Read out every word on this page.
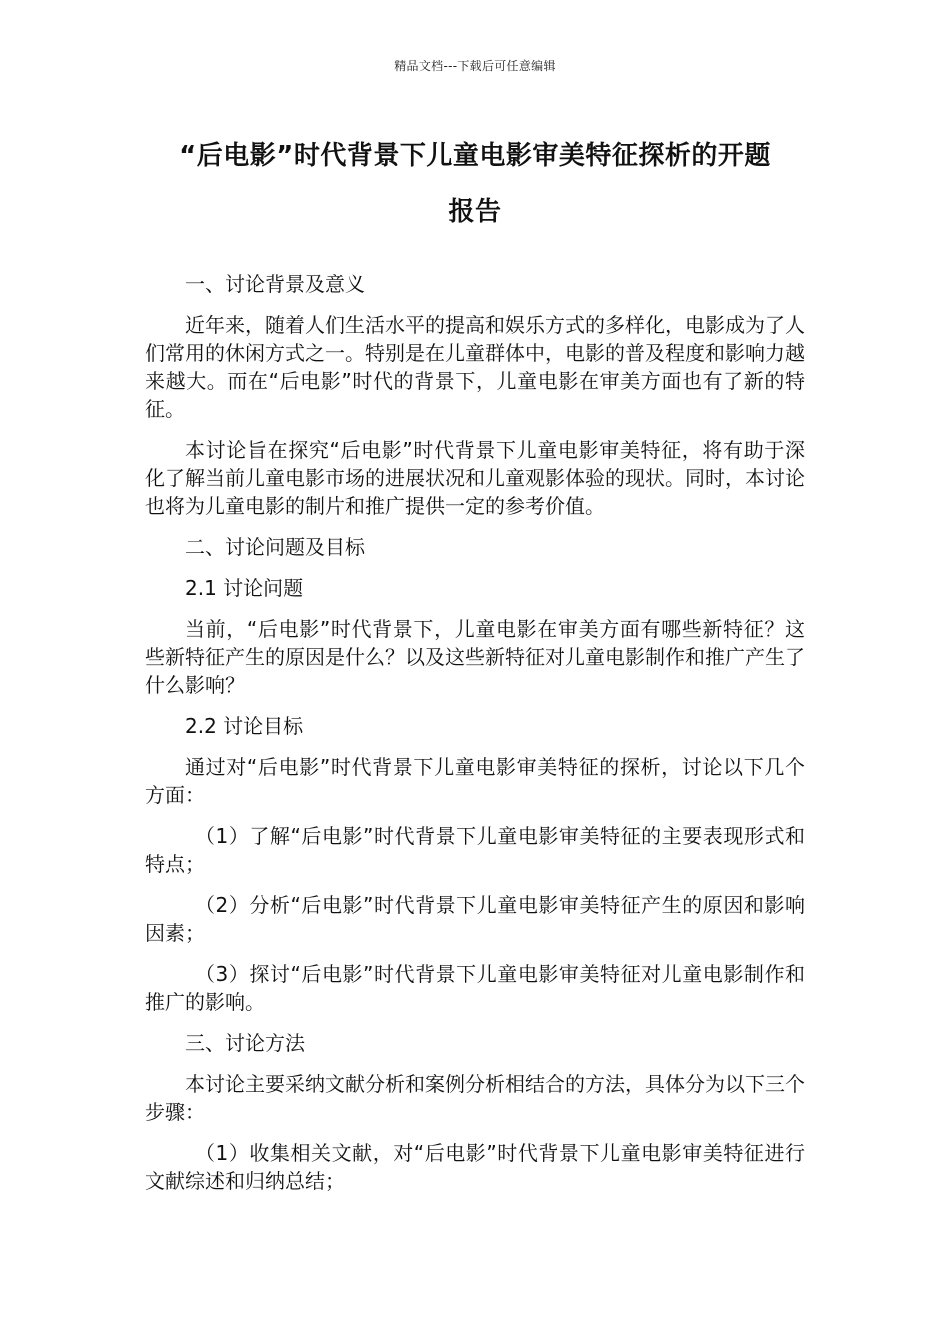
精品文档---下载后可任意编辑
“后电影”时代背景下儿童电影审美特征探析的开题
报告

一、讨论背景及意义

近年来，随着人们生活水平的提高和娱乐方式的多样化，电影成为了人们常用的休闲方式之一。特别是在儿童群体中，电影的普及程度和影响力越来越大。而在“后电影”时代的背景下，儿童电影在审美方面也有了新的特征。

本讨论旨在探究“后电影”时代背景下儿童电影审美特征，将有助于深化了解当前儿童电影市场的进展状况和儿童观影体验的现状。同时，本讨论也将为儿童电影的制片和推广提供一定的参考价值。

二、讨论问题及目标

2.1 讨论问题

当前，“后电影”时代背景下，儿童电影在审美方面有哪些新特征？这些新特征产生的原因是什么？以及这些新特征对儿童电影制作和推广产生了什么影响？

2.2 讨论目标

通过对“后电影”时代背景下儿童电影审美特征的探析，讨论以下几个方面：

（1）了解“后电影”时代背景下儿童电影审美特征的主要表现形式和特点；

（2）分析“后电影”时代背景下儿童电影审美特征产生的原因和影响因素；

（3）探讨“后电影”时代背景下儿童电影审美特征对儿童电影制作和推广的影响。

三、讨论方法

本讨论主要采纳文献分析和案例分析相结合的方法，具体分为以下三个步骤：

（1）收集相关文献，对“后电影”时代背景下儿童电影审美特征进行文献综述和归纳总结；
